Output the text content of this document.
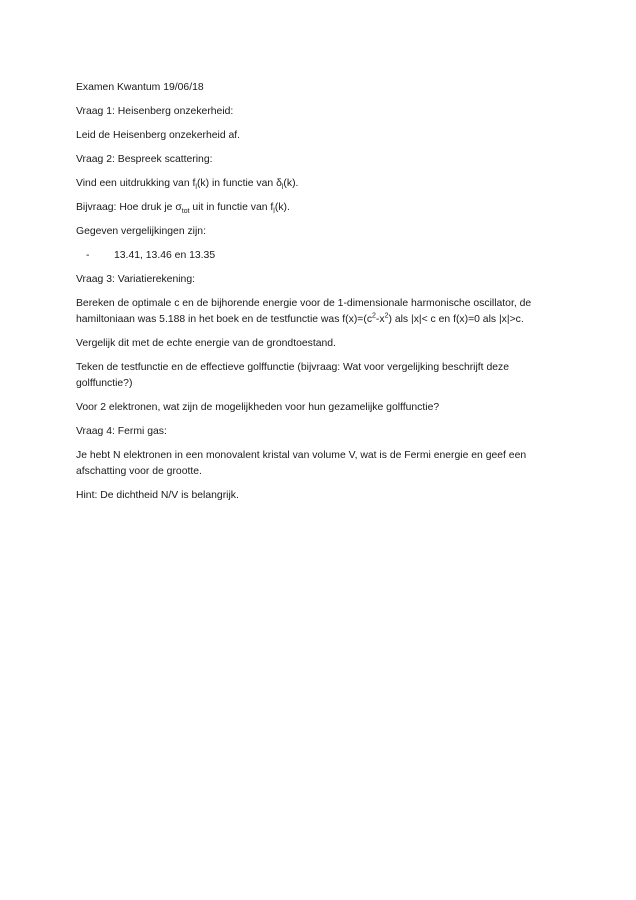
Examen Kwantum 19/06/18

Vraag 1: Heisenberg onzekerheid:

Leid de Heisenberg onzekerheid af.

Vraag 2: Bespreek scattering:

Vind een uitdrukking van $f_l(k)$ in functie van $\delta_l(k)$.

Bijvraag: Hoe druk je $\sigma_{tot}$ uit in functie van $f_l(k)$.

Gegeven vergelijkingen zijn:

- 13.41, 13.46 en 13.35

Vraag 3: Variatierekening:

Bereken de optimale c en de bijhorende energie voor de 1-dimensionale harmonische oscillator, de hamiltoniaan was 5.188 in het boek en de testfunctie was $f(x)=(c^2-x^2)$ als |x|< c en f(x)=0 als |x|>c.

Vergelijk dit met de echte energie van de grondtoestand.

Teken de testfunctie en de effectieve golffunctie (bijvraag: Wat voor vergelijking beschrijft deze golffunctie?)

Voor 2 elektronen, wat zijn de mogelijkheden voor hun gezamelijke golffunctie?

Vraag 4: Fermi gas:

Je hebt N elektronen in een monovalent kristal van volume V, wat is de Fermi energie en geef een afschatting voor de grootte.

Hint: De dichtheid N/V is belangrijk.
